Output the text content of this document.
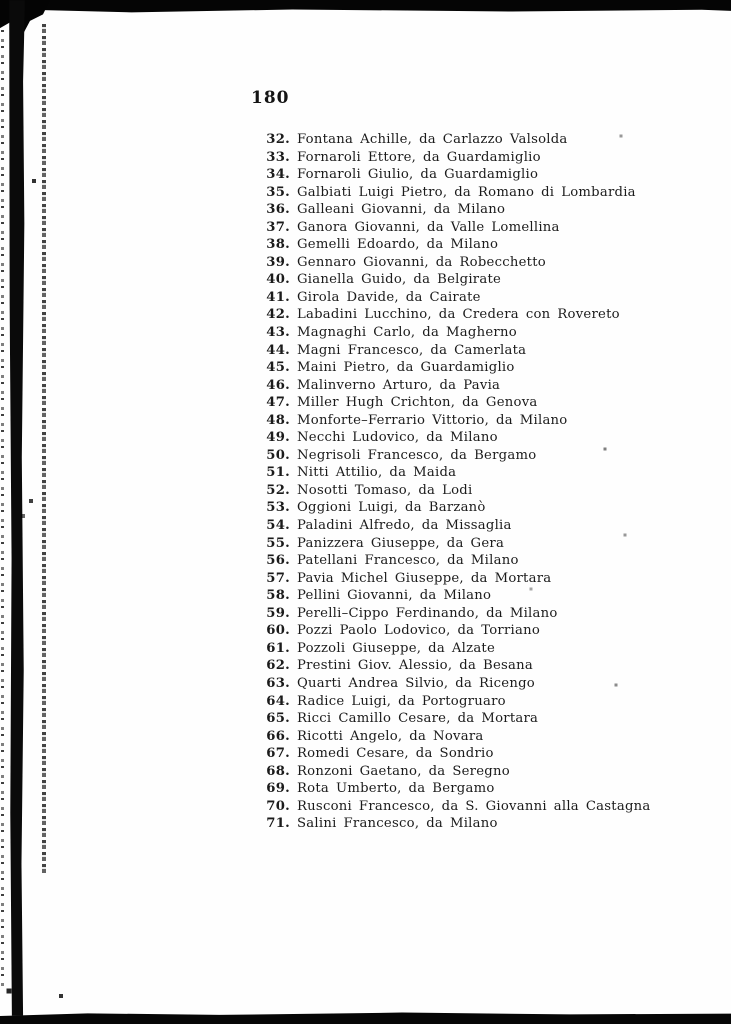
180
32. Fontana Achille, da Carlazzo Valsolda
33. Fornaroli Ettore, da Guardamiglio
34. Fornaroli Giulio, da Guardamiglio
35. Galbiati Luigi Pietro, da Romano di Lombardia
36. Galleani Giovanni, da Milano
37. Ganora Giovanni, da Valle Lomellina
38. Gemelli Edoardo, da Milano
39. Gennaro Giovanni, da Robecchetto
40. Gianella Guido, da Belgirate
41. Girola Davide, da Cairate
42. Labadini Lucchino, da Credera con Rovereto
43. Magnaghi Carlo, da Magherno
44. Magni Francesco, da Camerlata
45. Maini Pietro, da Guardamiglio
46. Malinverno Arturo, da Pavia
47. Miller Hugh Crichton, da Genova
48. Monforte–Ferrario Vittorio, da Milano
49. Necchi Ludovico, da Milano
50. Negrisoli Francesco, da Bergamo
51. Nitti Attilio, da Maida
52. Nosotti Tomaso, da Lodi
53. Oggioni Luigi, da Barzanò
54. Paladini Alfredo, da Missaglia
55. Panizzera Giuseppe, da Gera
56. Patellani Francesco, da Milano
57. Pavia Michel Giuseppe, da Mortara
58. Pellini Giovanni, da Milano
59. Perelli–Cippo Ferdinando, da Milano
60. Pozzi Paolo Lodovico, da Torriano
61. Pozzoli Giuseppe, da Alzate
62. Prestini Giov. Alessio, da Besana
63. Quarti Andrea Silvio, da Ricengo
64. Radice Luigi, da Portogruaro
65. Ricci Camillo Cesare, da Mortara
66. Ricotti Angelo, da Novara
67. Romedi Cesare, da Sondrio
68. Ronzoni Gaetano, da Seregno
69. Rota Umberto, da Bergamo
70. Rusconi Francesco, da S. Giovanni alla Castagna
71. Salini Francesco, da Milano
